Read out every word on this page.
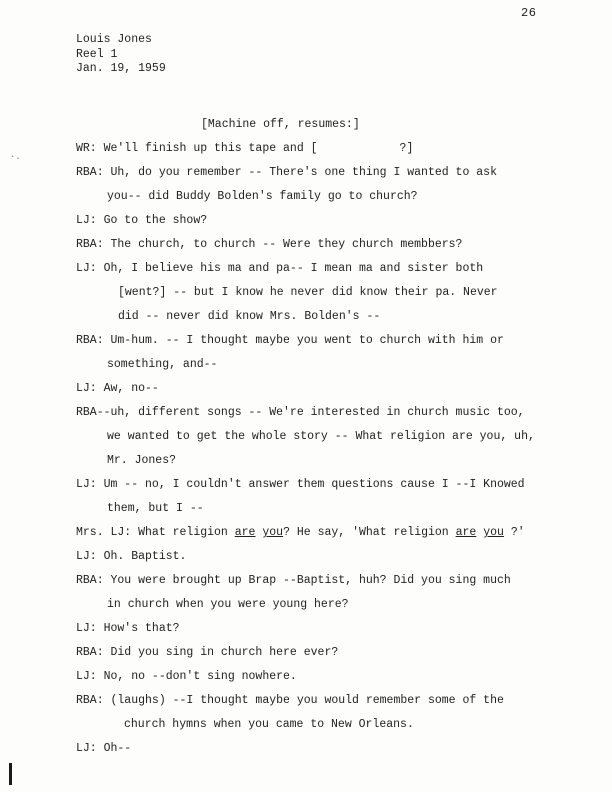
26
Louis Jones
Reel 1
Jan. 19, 1959
[Machine off, resumes:]
WR: We'll finish up this tape and [	?]
RBA: Uh, do you remember -- There's one thing I wanted to ask
you-- did Buddy Bolden's family go to church?
LJ: Go to the show?
RBA: The church, to church -- Were they church membbers?
LJ: Oh, I believe his ma and pa-- I mean ma and sister both
[went?] -- but I know he never did know their pa. Never
did -- never did know Mrs. Bolden's --
RBA: Um-hum. -- I thought maybe you went to church with him or
something, and--
LJ: Aw, no--
RBA--uh, different songs -- We're interested in church music too,
we wanted to get the whole story -- What religion are you, uh,
Mr. Jones?
LJ: Um -- no, I couldn't answer them questions cause I --I Knowed
them, but I --
Mrs. LJ: What religion are you? He say, 'What religion are you ?'
LJ: Oh. Baptist.
RBA: You were brought up Brap --Baptist, huh? Did you sing much
in church when you were young here?
LJ: How's that?
RBA: Did you sing in church here ever?
LJ: No, no --don't sing nowhere.
RBA: (laughs) --I thought maybe you would remember some of the
church hymns when you came to New Orleans.
LJ: Oh--
·.
